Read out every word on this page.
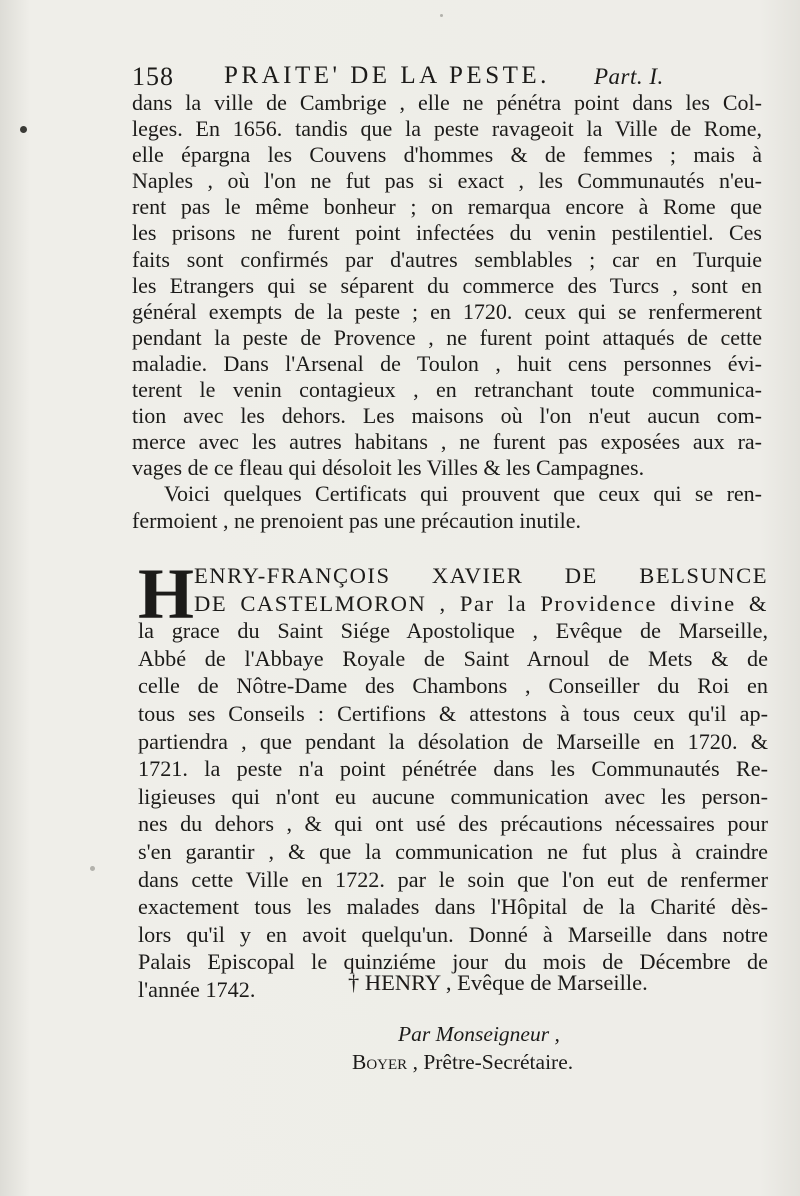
158 PRAITE' DE LA PESTE. Part. I.
dans la ville de Cambrige , elle ne pénétra point dans les Col-
leges. En 1656. tandis que la peste ravageoit la Ville de Rome,
elle épargna les Couvens d'hommes & de femmes ; mais à
Naples , où l'on ne fut pas si exact , les Communautés n'eu-
rent pas le même bonheur ; on remarqua encore à Rome que
les prisons ne furent point infectées du venin pestilentiel. Ces
faits sont confirmés par d'autres semblables ; car en Turquie
les Etrangers qui se séparent du commerce des Turcs , sont en
général exempts de la peste ; en 1720. ceux qui se renfermerent
pendant la peste de Provence , ne furent point attaqués de cette
maladie. Dans l'Arsenal de Toulon , huit cens personnes évi-
terent le venin contagieux , en retranchant toute communica-
tion avec les dehors. Les maisons où l'on n'eut aucun com-
merce avec les autres habitans , ne furent pas exposées aux ra-
vages de ce fleau qui désoloit les Villes & les Campagnes.
Voici quelques Certificats qui prouvent que ceux qui se ren-
fermoient , ne prenoient pas une précaution inutile.
H ENRY-FRANÇOIS XAVIER DE BELSUNCE
DE CASTELMORON , Par la Providence divine &
la grace du Saint Siége Apostolique , Evêque de Marseille,
Abbé de l'Abbaye Royale de Saint Arnoul de Mets & de
celle de Nôtre-Dame des Chambons , Conseiller du Roi en
tous ses Conseils : Certifions & attestons à tous ceux qu'il ap-
partiendra , que pendant la désolation de Marseille en 1720. &
1721. la peste n'a point pénétrée dans les Communautés Re-
ligieuses qui n'ont eu aucune communication avec les person-
nes du dehors , & qui ont usé des précautions nécessaires pour
s'en garantir , & que la communication ne fut plus à craindre
dans cette Ville en 1722. par le soin que l'on eut de renfermer
exactement tous les malades dans l'Hôpital de la Charité dès-
lors qu'il y en avoit quelqu'un. Donné à Marseille dans notre
Palais Episcopal le quinziéme jour du mois de Décembre de
l'année 1742.	† HENRY , Evêque de Marseille.
Par Monseigneur ,
Boyer , Prêtre-Secrétaire.
